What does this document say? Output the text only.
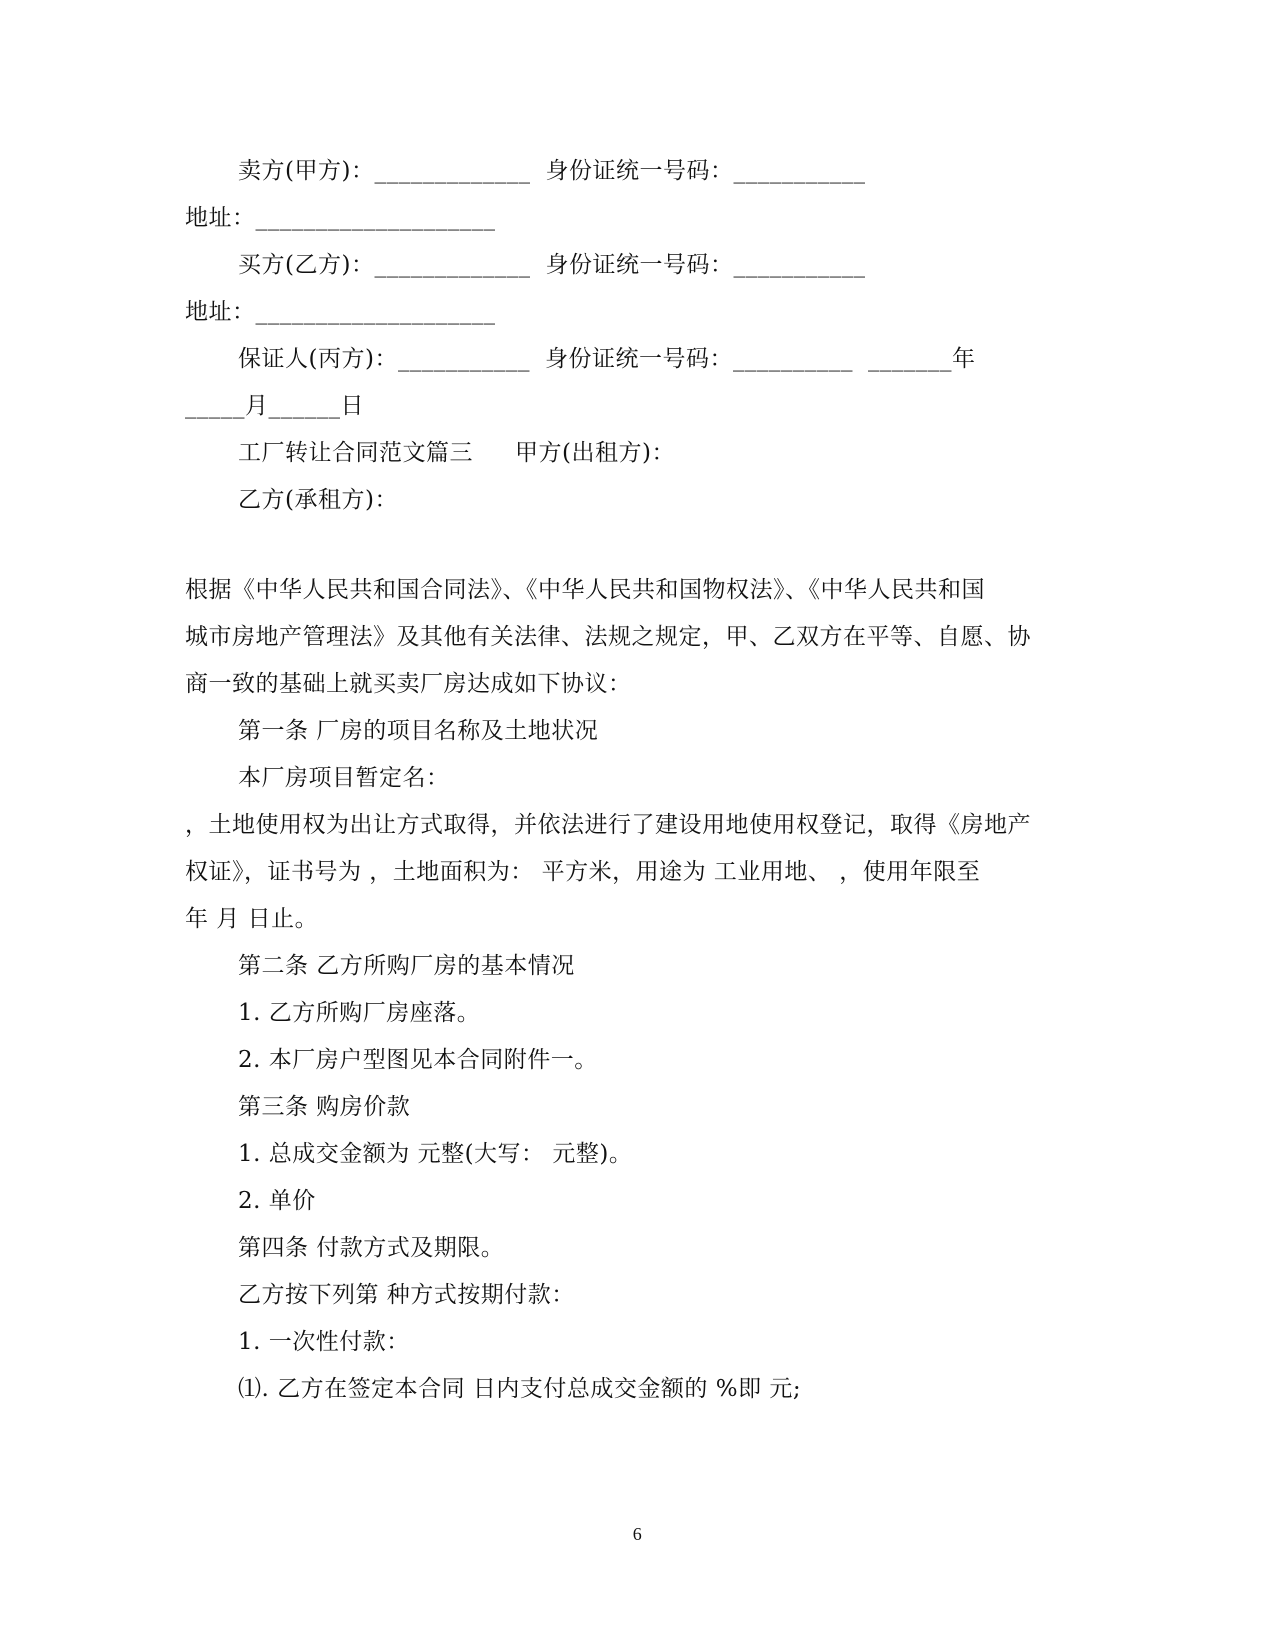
卖方(甲方)：_____________ 身份证统一号码：___________
地址：____________________
买方(乙方)：_____________ 身份证统一号码：___________
地址：____________________
保证人(丙方)：___________ 身份证统一号码：__________ _______年
_____月______日
工厂转让合同范文篇三 甲方(出租方)：
乙方(承租方)：
根据《中华人民共和国合同法》、《中华人民共和国物权法》、《中华人民共和国
城市房地产管理法》及其他有关法律、法规之规定，甲、乙双方在平等、自愿、协
商一致的基础上就买卖厂房达成如下协议：
第一条 厂房的项目名称及土地状况
本厂房项目暂定名：
，土地使用权为出让方式取得，并依法进行了建设用地使用权登记，取得《房地产
权证》，证书号为 ，土地面积为： 平方米，用途为 工业用地、 ，使用年限至
年 月 日止。
第二条 乙方所购厂房的基本情况
1. 乙方所购厂房座落。
2. 本厂房户型图见本合同附件一。
第三条 购房价款
1. 总成交金额为 元整(大写： 元整)。
2. 单价
第四条 付款方式及期限。
乙方按下列第 种方式按期付款：
1. 一次性付款：
⑴. 乙方在签定本合同 日内支付总成交金额的 %即 元;
6
